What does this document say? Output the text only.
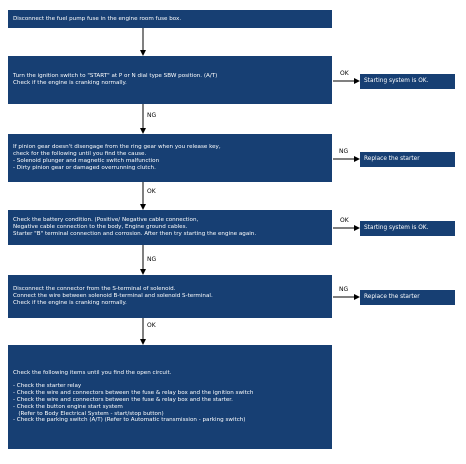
Disconnect the fuel pump fuse in the engine room fuse box.
Turn the ignition switch to "START" at P or N dial type SBW position. (A/T)
Check if the engine is cranking normally.
If pinion gear doesn't disengage from the ring gear when you release key,
check for the following until you find the cause.
- Solenoid plunger and magnetic switch malfunction
- Dirty pinion gear or damaged overrunning clutch.
Check the battery condition. (Positive/ Negative cable connection,
Negative cable connection to the body, Engine ground cables.
Starter "B" terminal connection and corrosion. After then try starting the engine again.
Disconnect the connector from the S-terminal of solenoid.
Connect the wire between solenoid B-terminal and solenoid S-terminal.
Check if the engine is cranking normally.
Check the following items until you find the open circuit.

- Check the starter relay
- Check the wire and connectors between the fuse & relay box and the ignition switch
- Check the wire and connectors between the fuse & relay box and the starter.
- Check the button engine start system
(Refer to Body Electrical System - start/stop button)
- Check the parking switch (A/T) (Refer to Automatic transmission - parking switch)
Starting system is OK.
Replace the starter
Starting system is OK.
Replace the starter
OK
NG
NG
OK
OK
NG
NG
OK
